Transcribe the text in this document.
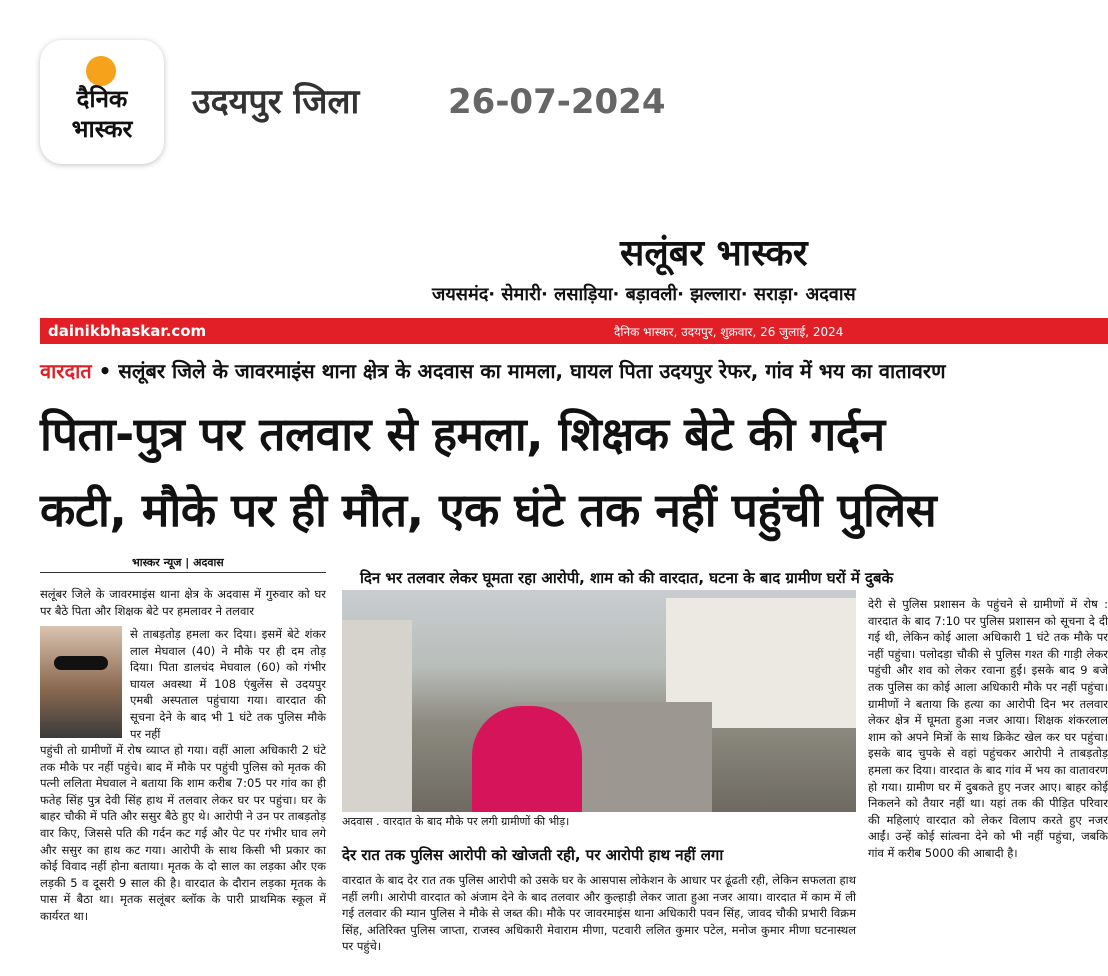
दैनिक
भास्कर
उदयपुर जिला	26-07-2024
सलूंबर भास्कर
जयसमंद· सेमारी· लसाड़िया· बड़ावली· झल्लारा· सराड़ा· अदवास
dainikbhaskar.com	दैनिक भास्कर, उदयपुर, शुक्रवार, 26 जुलाई, 2024
वारदात • सलूंबर जिले के जावरमाइंस थाना क्षेत्र के अदवास का मामला, घायल पिता उदयपुर रेफर, गांव में भय का वातावरण
पिता-पुत्र पर तलवार से हमला, शिक्षक बेटे की गर्दन
कटी, मौके पर ही मौत, एक घंटे तक नहीं पहुंची पुलिस
भास्कर न्यूज | अदवास
सलूंबर जिले के जावरमाइंस थाना क्षेत्र के अदवास में गुरुवार को घर पर बैठे पिता और शिक्षक बेटे पर हमलावर ने तलवार
से ताबड़तोड़ हमला कर दिया। इसमें बेटे शंकर लाल मेघवाल (40) ने मौके पर ही दम तोड़ दिया। पिता डालचंद मेघवाल (60) को गंभीर घायल अवस्था में 108 एंबुलेंस से उदयपुर एमबी अस्पताल पहुंचाया गया। वारदात की सूचना देने के बाद भी 1 घंटे तक पुलिस मौके पर नहीं
पहुंची तो ग्रामीणों में रोष व्याप्त हो गया। वहीं आला अधिकारी 2 घंटे तक मौके पर नहीं पहुंचे। बाद में मौके पर पहुंची पुलिस को मृतक की पत्नी ललिता मेघवाल ने बताया कि शाम करीब 7:05 पर गांव का ही फतेह सिंह पुत्र देवी सिंह हाथ में तलवार लेकर घर पर पहुंचा। घर के बाहर चौकी में पति और ससुर बैठे हुए थे। आरोपी ने उन पर ताबड़तोड़ वार किए, जिससे पति की गर्दन कट गई और पेट पर गंभीर घाव लगे और ससुर का हाथ कट गया। आरोपी के साथ किसी भी प्रकार का कोई विवाद नहीं होना बताया। मृतक के दो साल का लड़का और एक लड़की 5 व दूसरी 9 साल की है। वारदात के दौरान लड़का मृतक के पास में बैठा था। मृतक सलूंबर ब्लॉक के पारी प्राथमिक स्कूल में कार्यरत था।
दिन भर तलवार लेकर घूमता रहा आरोपी, शाम को की वारदात, घटना के बाद ग्रामीण घरों में दुबके
अदवास . वारदात के बाद मौके पर लगी ग्रामीणों की भीड़।
देर रात तक पुलिस आरोपी को खोजती रही, पर आरोपी हाथ नहीं लगा
वारदात के बाद देर रात तक पुलिस आरोपी को उसके घर के आसपास लोकेशन के आधार पर ढूंढती रही, लेकिन सफलता हाथ नहीं लगी। आरोपी वारदात को अंजाम देने के बाद तलवार और कुल्हाड़ी लेकर जाता हुआ नजर आया। वारदात में काम में ली गई तलवार की म्यान पुलिस ने मौके से जब्त की। मौके पर जावरमाइंस थाना अधिकारी पवन सिंह, जावद चौकी प्रभारी विक्रम सिंह, अतिरिक्त पुलिस जाप्ता, राजस्व अधिकारी मेवाराम मीणा, पटवारी ललित कुमार पटेल, मनोज कुमार मीणा घटनास्थल पर पहुंचे।
देरी से पुलिस प्रशासन के पहुंचने से ग्रामीणों में रोष : वारदात के बाद 7:10 पर पुलिस प्रशासन को सूचना दे दी गई थी, लेकिन कोई आला अधिकारी 1 घंटे तक मौके पर नहीं पहुंचा। पलोदड़ा चौकी से पुलिस गश्त की गाड़ी लेकर पहुंची और शव को लेकर रवाना हुई। इसके बाद 9 बजे तक पुलिस का कोई आला अधिकारी मौके पर नहीं पहुंचा। ग्रामीणों ने बताया कि हत्या का आरोपी दिन भर तलवार लेकर क्षेत्र में घूमता हुआ नजर आया। शिक्षक शंकरलाल शाम को अपने मित्रों के साथ क्रिकेट खेल कर घर पहुंचा। इसके बाद चुपके से वहां पहुंचकर आरोपी ने ताबड़तोड़ हमला कर दिया। वारदात के बाद गांव में भय का वातावरण हो गया। ग्रामीण घर में दुबकते हुए नजर आए। बाहर कोई निकलने को तैयार नहीं था। यहां तक की पीड़ित परिवार की महिलाएं वारदात को लेकर विलाप करते हुए नजर आईं। उन्हें कोई सांत्वना देने को भी नहीं पहुंचा, जबकि गांव में करीब 5000 की आबादी है।
